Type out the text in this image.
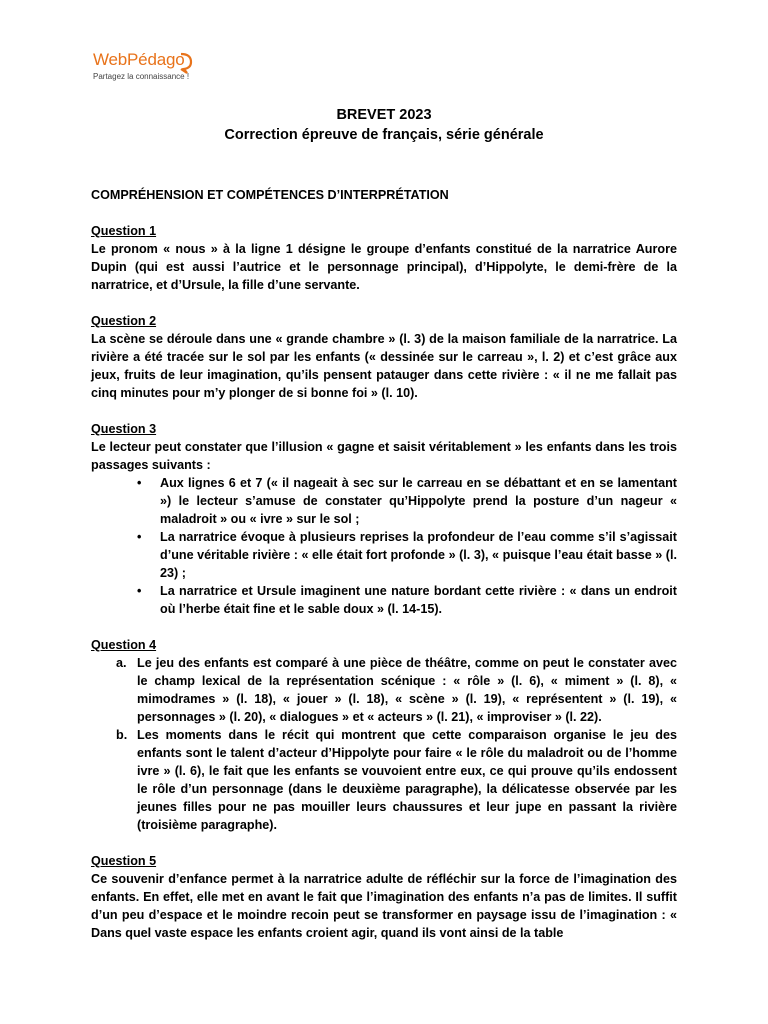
WebPédago
Partagez la connaissance !
BREVET 2023
Correction épreuve de français, série générale
COMPRÉHENSION ET COMPÉTENCES D’INTERPRÉTATION
Question 1

Le pronom « nous » à la ligne 1 désigne le groupe d’enfants constitué de la narratrice Aurore Dupin (qui est aussi l’autrice et le personnage principal), d’Hippolyte, le demi-frère de la narratrice, et d’Ursule, la fille d’une servante.

Question 2

La scène se déroule dans une « grande chambre » (l. 3) de la maison familiale de la narratrice. La rivière a été tracée sur le sol par les enfants (« dessinée sur le carreau », l. 2) et c’est grâce aux jeux, fruits de leur imagination, qu’ils pensent patauger dans cette rivière : « il ne me fallait pas cinq minutes pour m’y plonger de si bonne foi » (l. 10).

Question 3

Le lecteur peut constater que l’illusion « gagne et saisit véritablement » les enfants dans les trois passages suivants :

• Aux lignes 6 et 7 (« il nageait à sec sur le carreau en se débattant et en se lamentant ») le lecteur s’amuse de constater qu’Hippolyte prend la posture d’un nageur « maladroit » ou « ivre » sur le sol ;
• La narratrice évoque à plusieurs reprises la profondeur de l’eau comme s’il s’agissait d’une véritable rivière : « elle était fort profonde » (l. 3), « puisque l’eau était basse » (l. 23) ;
• La narratrice et Ursule imaginent une nature bordant cette rivière : « dans un endroit où l’herbe était fine et le sable doux » (l. 14-15).
Question 4
a. Le jeu des enfants est comparé à une pièce de théâtre, comme on peut le constater avec le champ lexical de la représentation scénique : « rôle » (l. 6), « miment » (l. 8), « mimodrames » (l. 18), « jouer » (l. 18), « scène » (l. 19), « représentent » (l. 19), « personnages » (l. 20), « dialogues » et « acteurs » (l. 21), « improviser » (l. 22).
b. Les moments dans le récit qui montrent que cette comparaison organise le jeu des enfants sont le talent d’acteur d’Hippolyte pour faire « le rôle du maladroit ou de l’homme ivre » (l. 6), le fait que les enfants se vouvoient entre eux, ce qui prouve qu’ils endossent le rôle d’un personnage (dans le deuxième paragraphe), la délicatesse observée par les jeunes filles pour ne pas mouiller leurs chaussures et leur jupe en passant la rivière (troisième paragraphe).
Question 5

Ce souvenir d’enfance permet à la narratrice adulte de réfléchir sur la force de l’imagination des enfants. En effet, elle met en avant le fait que l’imagination des enfants n’a pas de limites. Il suffit d’un peu d’espace et le moindre recoin peut se transformer en paysage issu de l’imagination : « Dans quel vaste espace les enfants croient agir, quand ils vont ainsi de la table
